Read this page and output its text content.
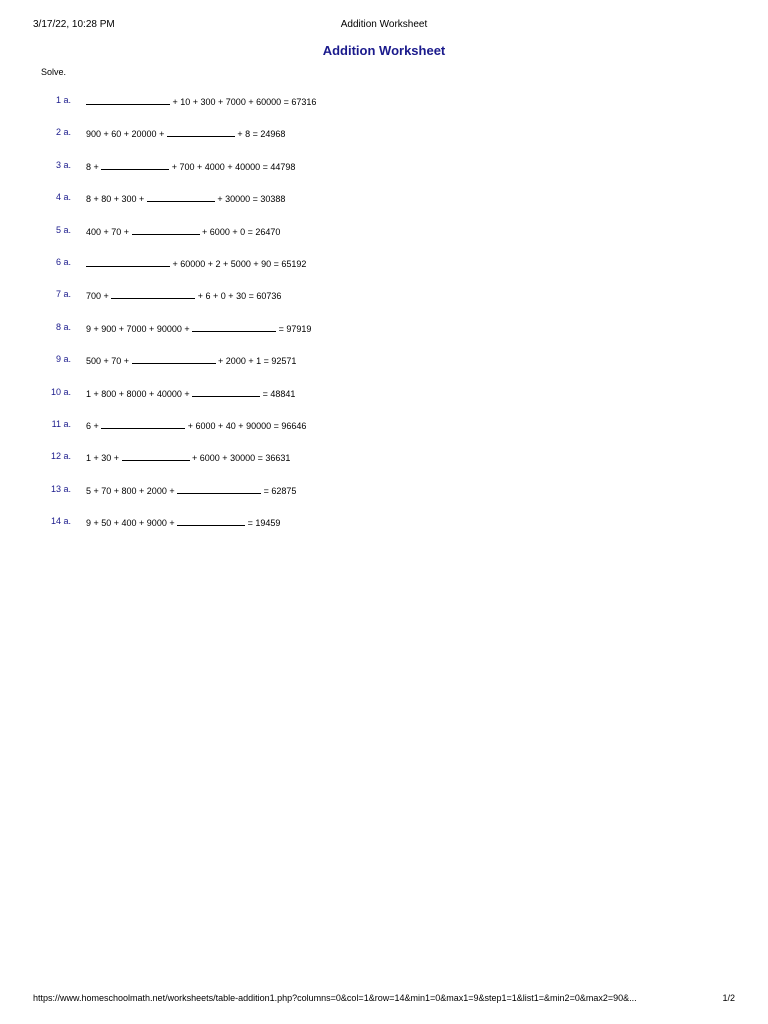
3/17/22, 10:28 PM	Addition Worksheet
Addition Worksheet
Solve.
1 a.	+ 10 + 300 + 7000 + 60000 = 67316
2 a. 900 + 60 + 20000 +	+ 8 = 24968
3 a. 8 +	+ 700 + 4000 + 40000 = 44798
4 a. 8 + 80 + 300 +	+ 30000 = 30388
5 a. 400 + 70 +	+ 6000 + 0 = 26470
6 a.	+ 60000 + 2 + 5000 + 90 = 65192
7 a. 700 +	+ 6 + 0 + 30 = 60736
8 a. 9 + 900 + 7000 + 90000 +	= 97919
9 a. 500 + 70 +	+ 2000 + 1 = 92571
10 a. 1 + 800 + 8000 + 40000 +	= 48841
11 a. 6 +	+ 6000 + 40 + 90000 = 96646
12 a. 1 + 30 +	+ 6000 + 30000 = 36631
13 a. 5 + 70 + 800 + 2000 +	= 62875
14 a. 9 + 50 + 400 + 9000 +	= 19459
https://www.homeschoolmath.net/worksheets/table-addition1.php?columns=0&col=1&row=14&min1=0&max1=9&step1=1&list1=&min2=0&max2=90&...	1/2
